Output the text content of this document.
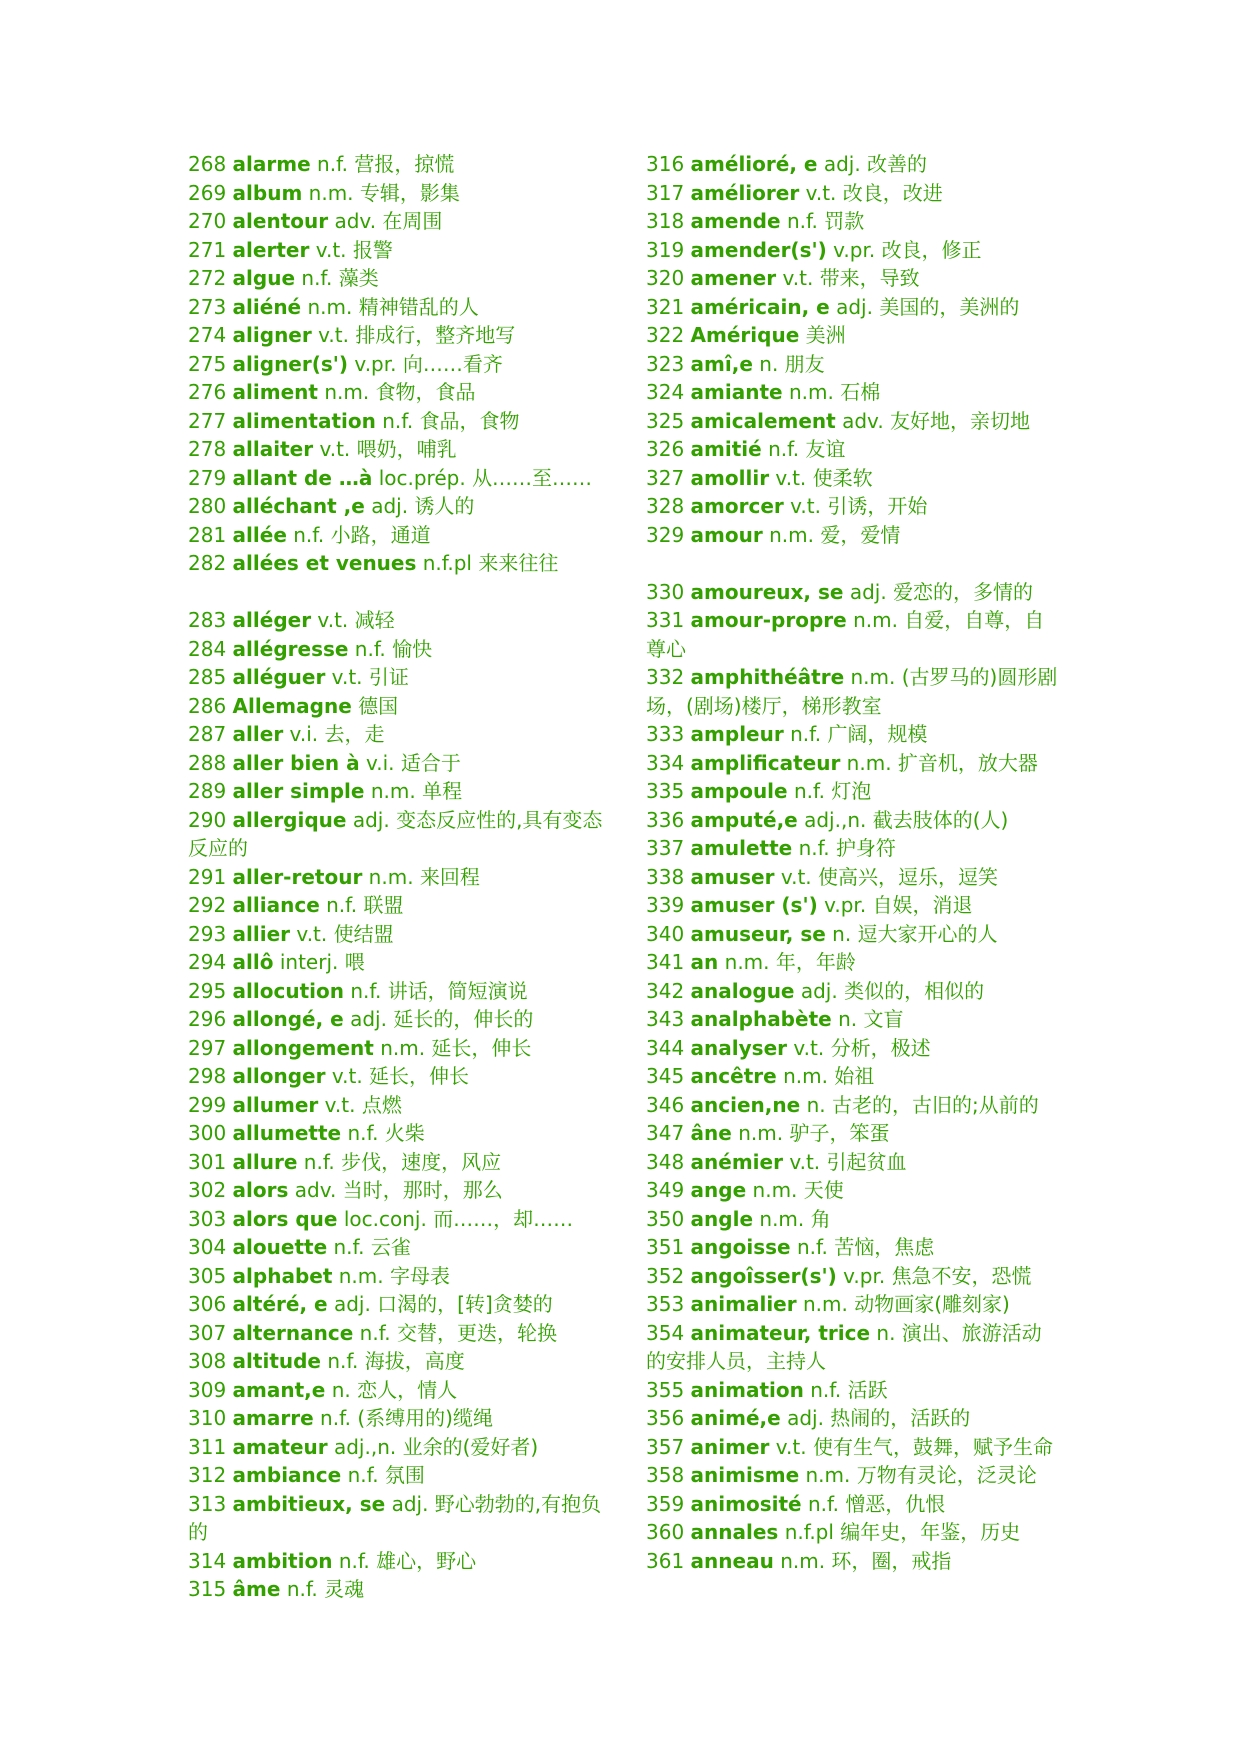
268 alarme n.f. 营报，掠慌
269 album n.m. 专辑，影集
270 alentour adv. 在周围
271 alerter v.t. 报警
272 algue n.f. 藻类
273 aliéné n.m. 精神错乱的人
274 aligner v.t. 排成行，整齐地写
275 aligner(s') v.pr. 向……看齐
276 aliment n.m. 食物，食品
277 alimentation n.f. 食品，食物
278 allaiter v.t. 喂奶，哺乳
279 allant de …à loc.prép. 从……至……
280 alléchant ,e adj. 诱人的
281 allée n.f. 小路，通道
282 allées et venues n.f.pl 来来往往
283 alléger v.t. 减轻
284 allégresse n.f. 愉快
285 alléguer v.t. 引证
286 Allemagne 德国
287 aller v.i. 去，走
288 aller bien à v.i. 适合于
289 aller simple n.m. 单程
290 allergique adj. 变态反应性的,具有变态反应的
291 aller-retour n.m. 来回程
292 alliance n.f. 联盟
293 allier v.t. 使结盟
294 allô interj. 喂
295 allocution n.f. 讲话，简短演说
296 allongé, e adj. 延长的，伸长的
297 allongement n.m. 延长，伸长
298 allonger v.t. 延长，伸长
299 allumer v.t. 点燃
300 allumette n.f. 火柴
301 allure n.f. 步伐，速度，风应
302 alors adv. 当时，那时，那么
303 alors que loc.conj. 而……，却……
304 alouette n.f. 云雀
305 alphabet n.m. 字母表
306 altéré, e adj. 口渴的，[转]贪婪的
307 alternance n.f. 交替，更迭，轮换
308 altitude n.f. 海拔，高度
309 amant,e n. 恋人，情人
310 amarre n.f. (系缚用的)缆绳
311 amateur adj.,n. 业余的(爱好者)
312 ambiance n.f. 氛围
313 ambitieux, se adj. 野心勃勃的,有抱负的
314 ambition n.f. 雄心，野心
315 âme n.f. 灵魂
316 amélioré, e adj. 改善的
317 améliorer v.t. 改良，改进
318 amende n.f. 罚款
319 amender(s') v.pr. 改良，修正
320 amener v.t. 带来，导致
321 américain, e adj. 美国的，美洲的
322 Amérique 美洲
323 amî,e n. 朋友
324 amiante n.m. 石棉
325 amicalement adv. 友好地，亲切地
326 amitié n.f. 友谊
327 amollir v.t. 使柔软
328 amorcer v.t. 引诱，开始
329 amour n.m. 爱，爱情
330 amoureux, se adj. 爱恋的，多情的
331 amour-propre n.m. 自爱，自尊，自尊心
332 amphithéâtre n.m. (古罗马的)圆形剧场，(剧场)楼厅，梯形教室
333 ampleur n.f. 广阔，规模
334 amplificateur n.m. 扩音机，放大器
335 ampoule n.f. 灯泡
336 amputé,e adj.,n. 截去肢体的(人)
337 amulette n.f. 护身符
338 amuser v.t. 使高兴，逗乐，逗笑
339 amuser (s') v.pr. 自娱，消退
340 amuseur, se n. 逗大家开心的人
341 an n.m. 年，年龄
342 analogue adj. 类似的，相似的
343 analphabète n. 文盲
344 analyser v.t. 分析，极述
345 ancêtre n.m. 始祖
346 ancien,ne n. 古老的，古旧的;从前的
347 âne n.m. 驴子，笨蛋
348 anémier v.t. 引起贫血
349 ange n.m. 天使
350 angle n.m. 角
351 angoisse n.f. 苦恼，焦虑
352 angoîsser(s') v.pr. 焦急不安，恐慌
353 animalier n.m. 动物画家(雕刻家)
354 animateur, trice n. 演出、旅游活动的安排人员，主持人
355 animation n.f. 活跃
356 animé,e adj. 热闹的，活跃的
357 animer v.t. 使有生气，鼓舞，赋予生命
358 animisme n.m. 万物有灵论，泛灵论
359 animosité n.f. 憎恶，仇恨
360 annales n.f.pl 编年史，年鉴，历史
361 anneau n.m. 环，圈，戒指
